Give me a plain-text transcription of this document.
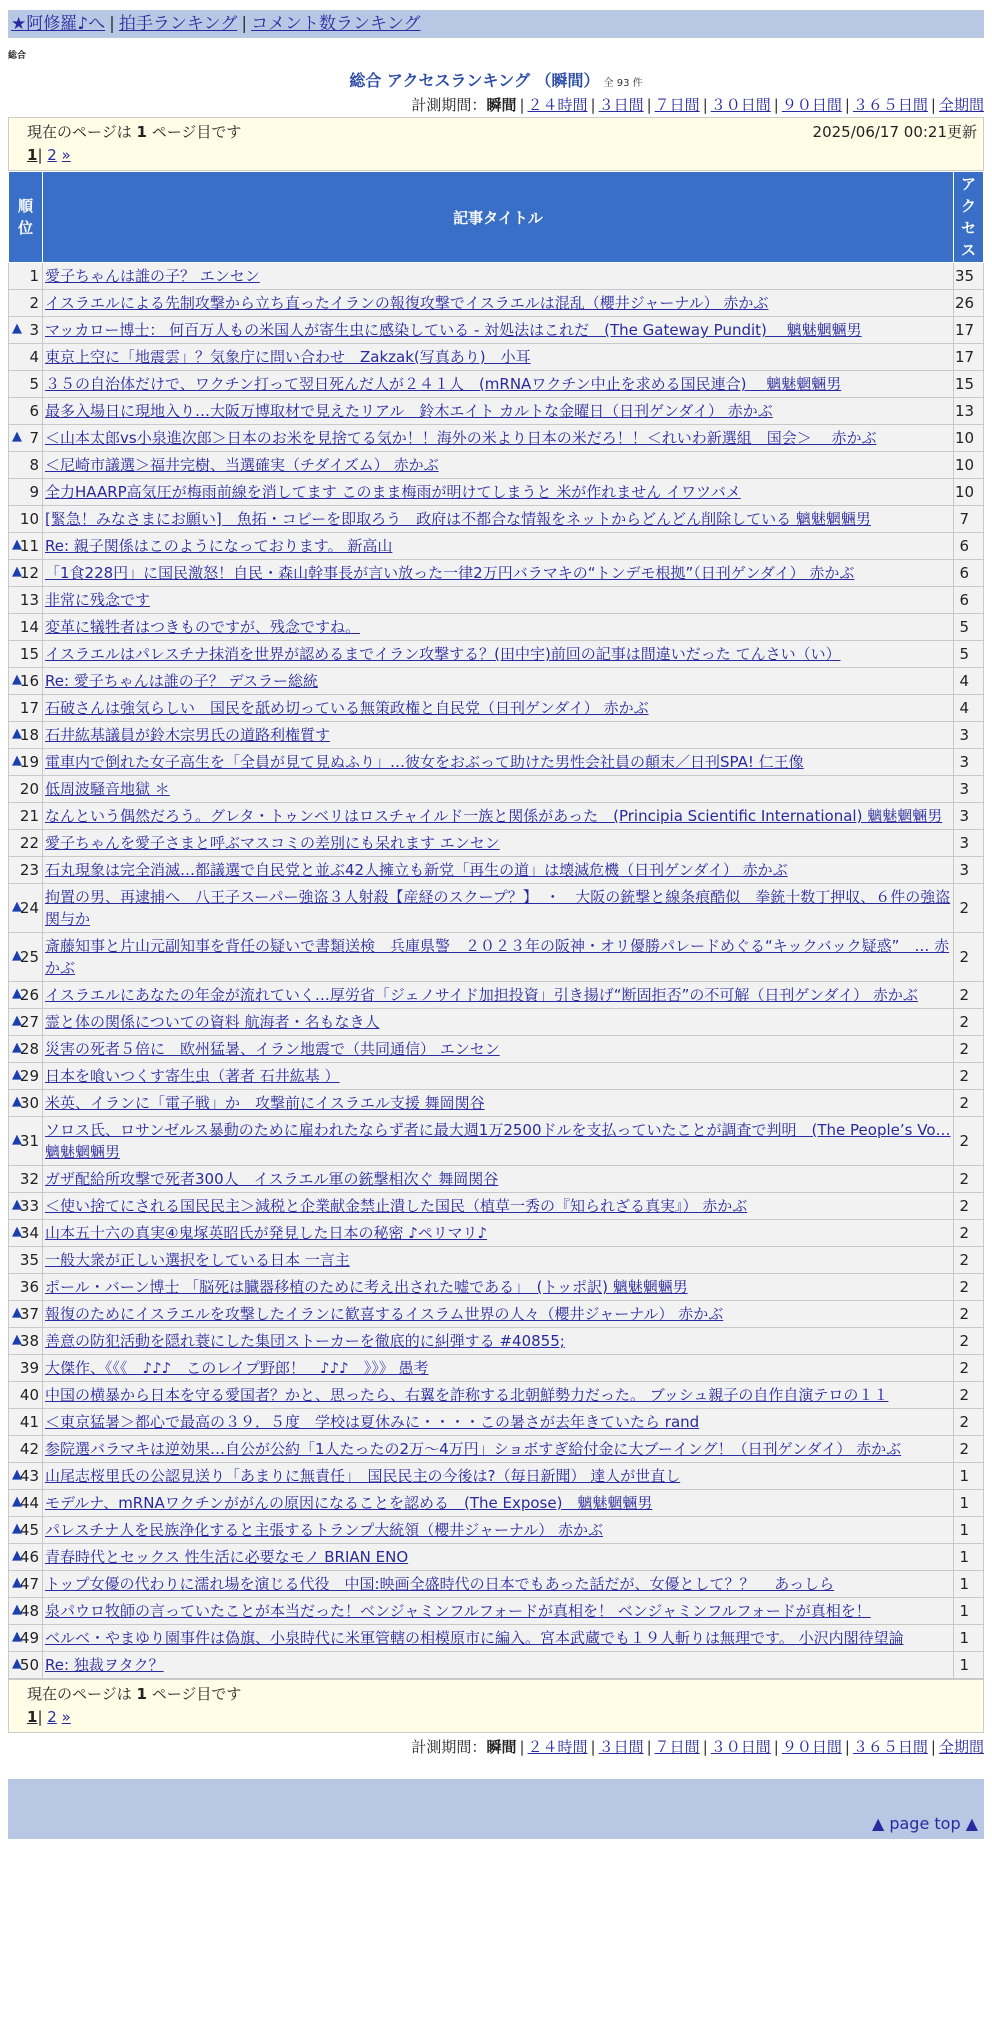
★阿修羅♪へ | 拍手ランキング | コメント数ランキング
総合
総合 アクセスランキング （瞬間） 全 93 件
計測期間：瞬間 | ２４時間 | ３日間 | ７日間 | ３０日間 | ９０日間 | ３６５日間 | 全期間
現在のページは 1 ページ目です	2025/06/17 00:21更新
1| 2 »
順位	記事タイトル	アクセス
1	愛子ちゃんは誰の子？ エンセン	35
2	イスラエルによる先制攻撃から立ち直ったイランの報復攻撃でイスラエルは混乱（櫻井ジャーナル） 赤かぶ	26

▲ 3	マッカロー博士： 何百万人もの米国人が寄生虫に感染している - 対処法はこれだ　(The Gateway Pundit)　 魑魅魍魎男	17
4	東京上空に「地震雲」？気象庁に問い合わせ　Zakzak(写真あり)　小耳	17
5	３５の自治体だけで、ワクチン打って翌日死んだ人が２４１人　(mRNAワクチン中止を求める国民連合)　 魑魅魍魎男	15
6	最多入場日に現地入り…大阪万博取材で見えたリアル　鈴木エイト カルトな金曜日（日刊ゲンダイ） 赤かぶ	13

▲ 7	＜山本太郎vs小泉進次郎＞日本のお米を見捨てる気か！！海外の米より日本の米だろ！！＜れいわ新選組　国会＞　 赤かぶ	10
8	＜尼崎市議選＞福井完樹、当選確実（チダイズム） 赤かぶ	10
9	全力HAARP高気圧が梅雨前線を消してます このまま梅雨が明けてしまうと 米が作れません イワツバメ	10
10	[緊急！みなさまにお願い]　魚拓・コピーを即取ろう　政府は不都合な情報をネットからどんどん削除している 魑魅魍魎男	7

▲
11	Re: 親子関係はこのようになっております。 新高山	6

▲
12	「1食228円」に国民激怒！自民・森山幹事長が言い放った一律2万円バラマキの“トンデモ根拠”（日刊ゲンダイ） 赤かぶ	6
13	非常に残念です	6
14	変革に犠牲者はつきものですが、残念ですね。	5
15	イスラエルはパレスチナ抹消を世界が認めるまでイラン攻撃する？(田中宇)前回の記事は間違いだった てんさい（い）	5

▲
16	Re: 愛子ちゃんは誰の子？ デスラー総統	4
17	石破さんは強気らしい　国民を舐め切っている無策政権と自民党（日刊ゲンダイ） 赤かぶ	4

▲
18	石井紘基議員が鈴木宗男氏の道路利権質す	3

▲
19	電車内で倒れた女子高生を「全員が見て見ぬふり」…彼女をおぶって助けた男性会社員の顛末／日刊SPA! 仁王像	3
20	低周波騒音地獄 ＊	3
21	なんという偶然だろう。グレタ・トゥンベリはロスチャイルド一族と関係があった　(Principia Scientific International) 魑魅魍魎男	3
22	愛子ちゃんを愛子さまと呼ぶマスコミの差別にも呆れます エンセン	3
23	石丸現象は完全消滅…都議選で自民党と並ぶ42人擁立も新党「再生の道」は壊滅危機（日刊ゲンダイ） 赤かぶ	3

▲
24	拘置の男、再逮捕へ　八王子スーパー強盗３人射殺【産経のスクープ？】　・　大阪の銃撃と線条痕酷似　拳銃十数丁押収、６件の強盗関与か	2

▲
25	斎藤知事と片山元副知事を背任の疑いで書類送検　兵庫県警　２０２３年の阪神・オリ優勝パレードめぐる“キックバック疑惑”　… 赤かぶ	2

▲
26	イスラエルにあなたの年金が流れていく…厚労省「ジェノサイド加担投資」引き揚げ“断固拒否”の不可解（日刊ゲンダイ） 赤かぶ	2

▲
27	霊と体の関係についての資料 航海者・名もなき人	2

▲
28	災害の死者５倍に　欧州猛暑、イラン地震で（共同通信） エンセン	2

▲
29	日本を喰いつくす寄生虫（著者 石井紘基 ）	2

▲
30	米英、イランに「電子戦」か　攻撃前にイスラエル支援 舞岡関谷	2

▲
31	ソロス氏、ロサンゼルス暴動のために雇われたならず者に最大週1万2500ドルを支払っていたことが調査で判明　(The People’s Vo… 魑魅魍魎男	2
32	ガザ配給所攻撃で死者300人　イスラエル軍の銃撃相次ぐ 舞岡関谷	2

▲
33	＜使い捨てにされる国民民主＞減税と企業献金禁止潰した国民（植草一秀の『知られざる真実』） 赤かぶ	2

▲
34	山本五十六の真実④鬼塚英昭氏が発見した日本の秘密 ♪ペリマリ♪	2
35	一般大衆が正しい選択をしている日本 一言主	2
36	ポール・バーン博士 「脳死は臓器移植のために考え出された嘘である」　(トッポ訳) 魑魅魍魎男	2

▲
37	報復のためにイスラエルを攻撃したイランに歓喜するイスラム世界の人々（櫻井ジャーナル） 赤かぶ	2

▲
38	善意の防犯活動を隠れ蓑にした集団ストーカーを徹底的に糾弾する #40855;	2
39	大傑作、《《《　♪♪♪　このレイプ野郎！　♪♪♪　》》》 愚考	2
40	中国の横暴から日本を守る愛国者？かと、思ったら、右翼を詐称する北朝鮮勢力だった。 ブッシュ親子の自作自演テロの１１	2
41	＜東京猛暑＞都心で最高の３９．５度　学校は夏休みに・・・・この暑さが去年きていたら rand	2
42	参院選バラマキは逆効果…自公が公約「1人たったの2万～4万円」ショボすぎ給付金に大ブーイング！（日刊ゲンダイ） 赤かぶ	2

▲
43	山尾志桜里氏の公認見送り「あまりに無責任」　国民民主の今後は?（毎日新聞） 達人が世直し	1

▲
44	モデルナ、mRNAワクチンががんの原因になることを認める　(The Expose)　魑魅魍魎男	1

▲
45	パレスチナ人を民族浄化すると主張するトランプ大統領（櫻井ジャーナル） 赤かぶ	1

▲
46	青春時代とセックス 性生活に必要なモノ BRIAN ENO	1

▲
47	トップ女優の代わりに濡れ場を演じる代役　中国:映画全盛時代の日本でもあった話だが、女優として？？　 あっしら	1

▲
48	泉パウロ牧師の言っていたことが本当だった！ベンジャミンフルフォードが真相を！ ベンジャミンフルフォードが真相を！	1

▲
49	ベルベ・やまゆり園事件は偽旗、小泉時代に米軍管轄の相模原市に編入。宮本武蔵でも１９人斬りは無理です。 小沢内閣待望論	1

▲
50	Re: 独裁ヲタク？	1
現在のページは 1 ページ目です
1| 2 »
計測期間：瞬間 | ２４時間 | ３日間 | ７日間 | ３０日間 | ９０日間 | ３６５日間 | 全期間
▲ page top ▲
